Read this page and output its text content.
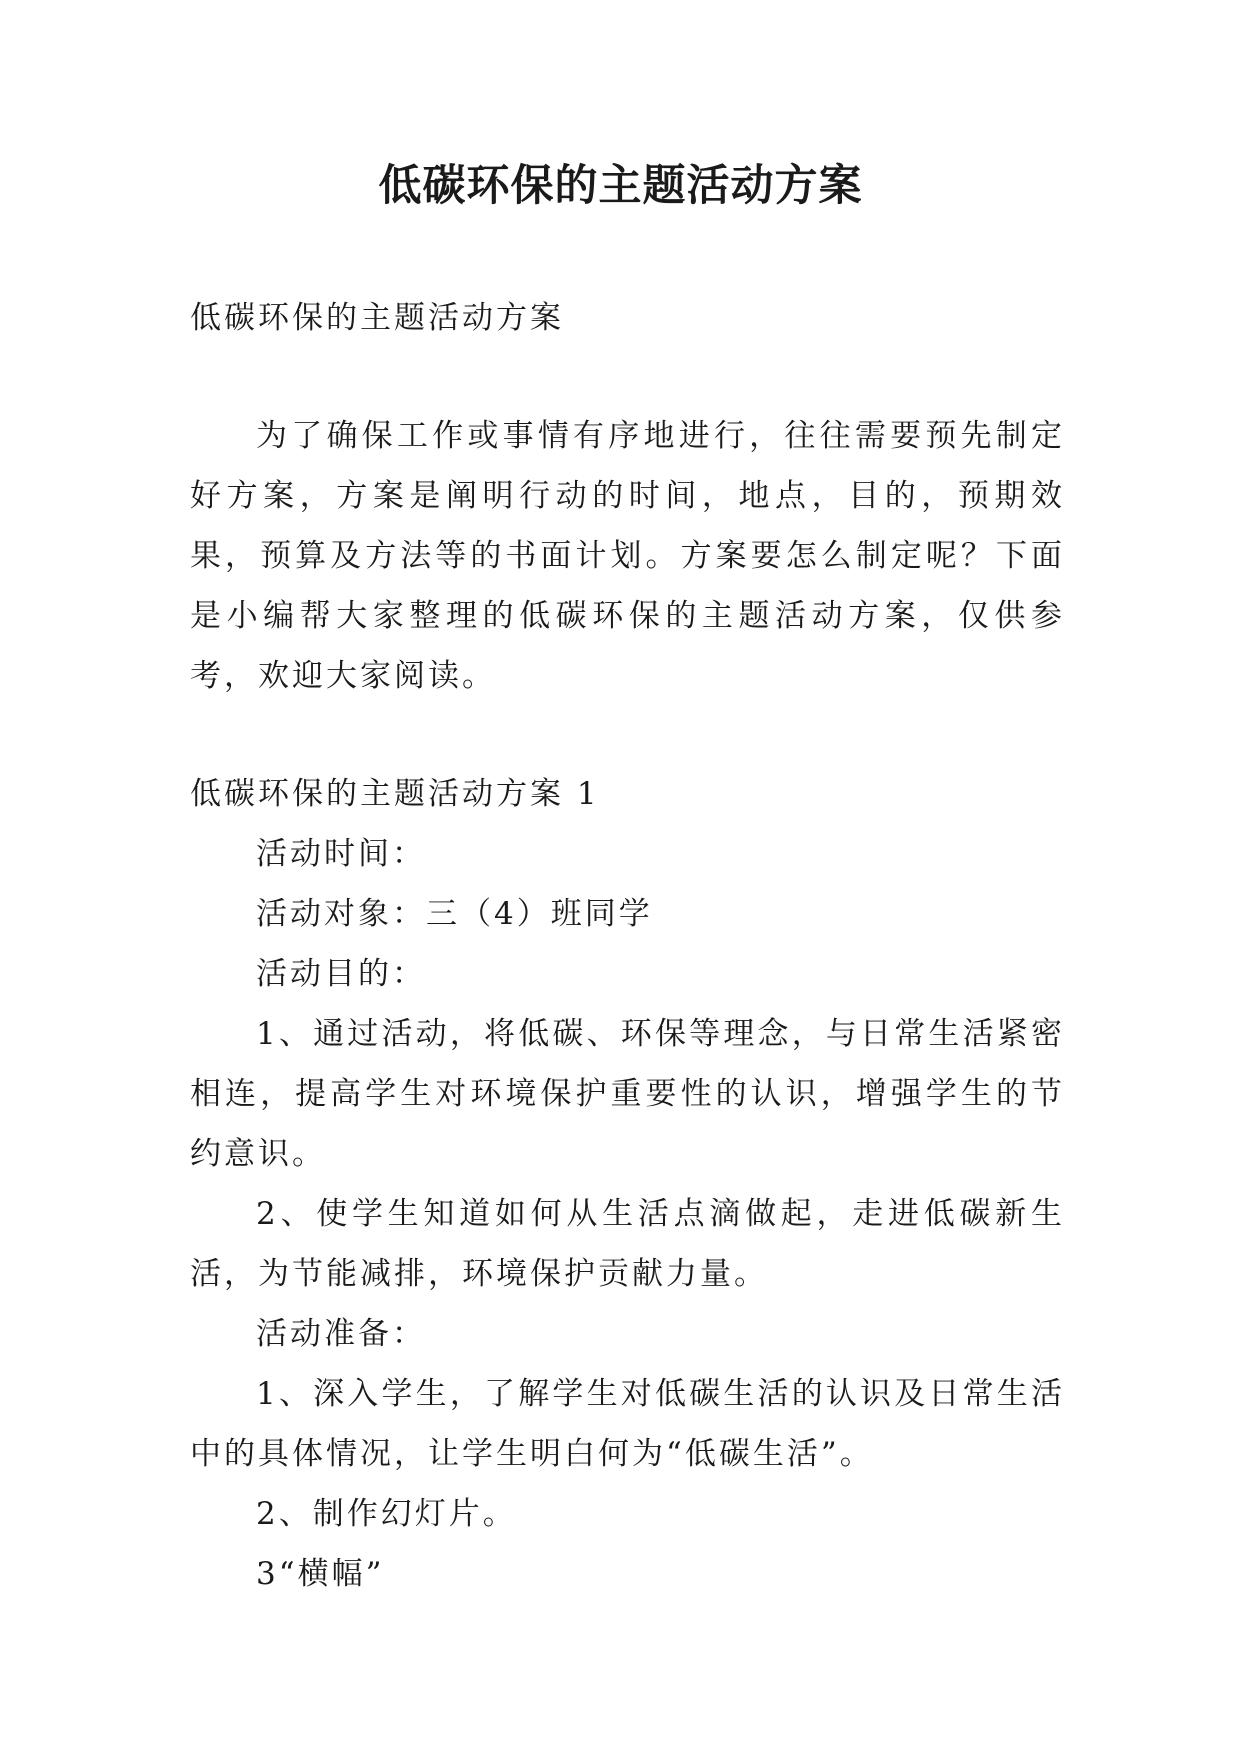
低碳环保的主题活动方案

低碳环保的主题活动方案

为了确保工作或事情有序地进行，往往需要预先制定好方案，方案是阐明行动的时间，地点，目的，预期效果，预算及方法等的书面计划。方案要怎么制定呢？下面是小编帮大家整理的低碳环保的主题活动方案，仅供参考，欢迎大家阅读。

低碳环保的主题活动方案 1

活动时间：

活动对象：三（4）班同学

活动目的：

1、通过活动，将低碳、环保等理念，与日常生活紧密相连，提高学生对环境保护重要性的认识，增强学生的节约意识。

2、使学生知道如何从生活点滴做起，走进低碳新生活，为节能减排，环境保护贡献力量。

活动准备：

1、深入学生，了解学生对低碳生活的认识及日常生活中的具体情况，让学生明白何为“低碳生活”。

2、制作幻灯片。

3“横幅”
